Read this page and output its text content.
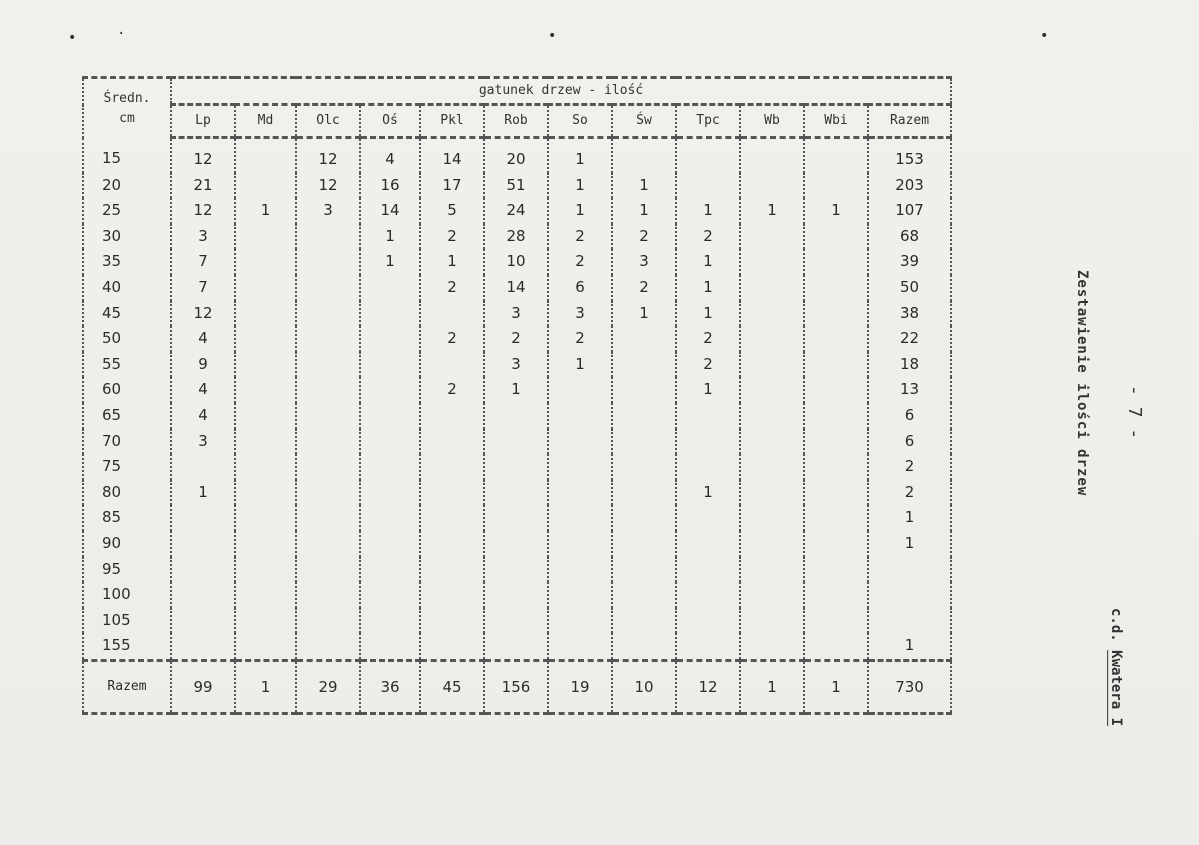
•	·	•	•
Średn.
cm	gatunek drzew - ilość											
	Lp	Md	Olc	Oś	Pkl	Rob	So	Św	Tpc	Wb	Wbi	Razem
15	12		12	4	14	20	1					153
20	21		12	16	17	51	1	1				203
25	12	1	3	14	5	24	1	1	1	1	1	107
30	3			1	2	28	2	2	2			68
35	7			1	1	10	2	3	1			39
40	7				2	14	6	2	1			50
45	12					3	3	1	1			38
50	4				2	2	2		2			22
55	9					3	1		2			18
60	4				2	1			1			13
65	4											6
70	3											6
75												2
80	1								1			2
85												1
90												1
95												
100												
105												
155												1
Razem	99	1	29	36	45	156	19	10	12	1	1	730
Zestawienie ilości drzew - 7 -
c.d. Kwatera I
